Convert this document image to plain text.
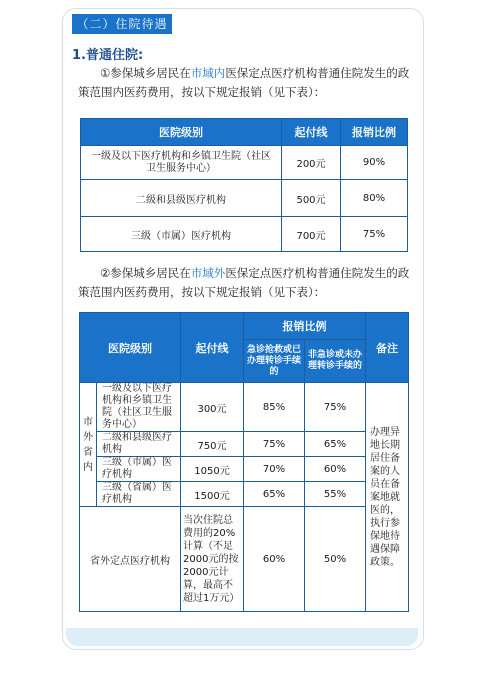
（二）住院待遇
1.普通住院:
①参保城乡居民在市域内医保定点医疗机构普通住院发生的政策范围内医药费用，按以下规定报销（见下表）：
医院级别	起付线	报销比例
一级及以下医疗机构和乡镇卫生院（社区卫生服务中心）	200元	90%
二级和县级医疗机构	500元	80%
三级（市属）医疗机构	700元	75%
②参保城乡居民在市域外医保定点医疗机构普通住院发生的政策范围内医药费用，按以下规定报销（见下表）：
医院级别		起付线	报销比例		备注
			急诊抢救或已办理转诊手续的	非急诊或未办理转诊手续的	
市外省内	一级及以下医疗机构和乡镇卫生院（社区卫生服务中心）	300元	85%	75%	办理异地长期居住备案的人员在备案地就医的，执行参保地待遇保障政策。
	二级和县级医疗机构	750元	75%	65%	
	三级（市属）医疗机构	1050元	70%	60%	
	三级（省属）医疗机构	1500元	65%	55%	
省外定点医疗机构		当次住院总费用的20%计算（不足2000元的按2000元计算，最高不超过1万元）	60%	50%	
